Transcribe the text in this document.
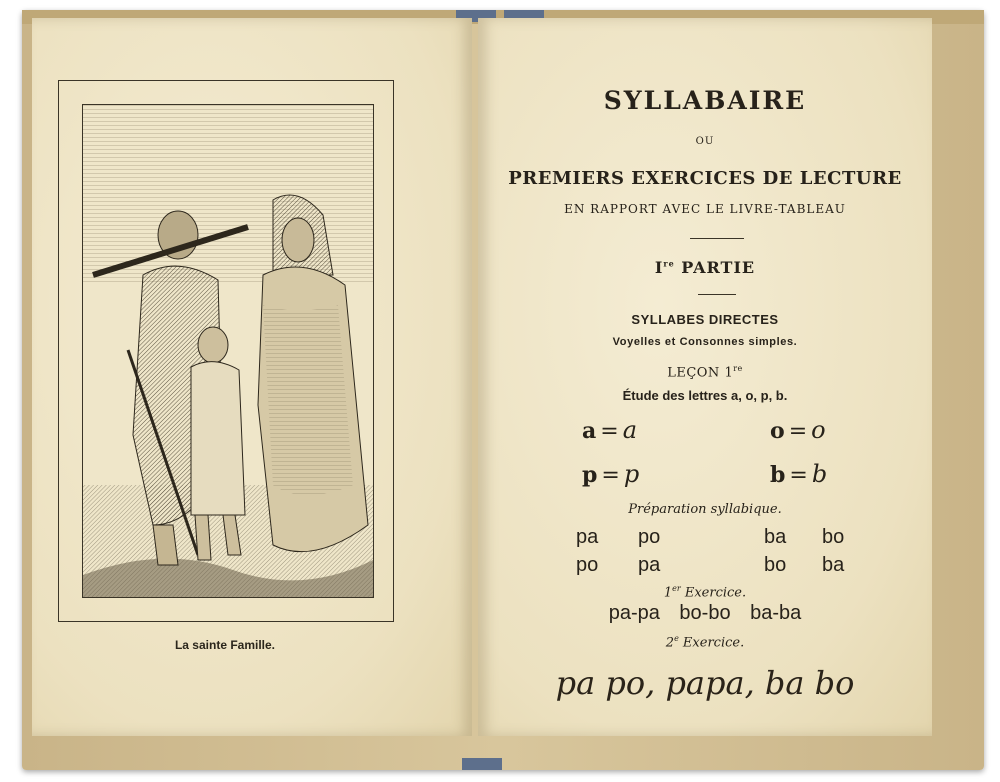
La sainte Famille.
SYLLABAIRE
OU
PREMIERS EXERCICES DE LECTURE
EN RAPPORT AVEC LE LIVRE-TABLEAU
Ire PARTIE
SYLLABES DIRECTES
Voyelles et Consonnes simples.
LEÇON 1re
Étude des lettres a, o, p, b.
a = a	o = o
p = p	b = b
Préparation syllabique.
pa po	ba bo
po pa	bo ba
1er Exercice.
pa-pa bo-bo ba-ba
2e Exercice.
pa po, papa, ba bo
